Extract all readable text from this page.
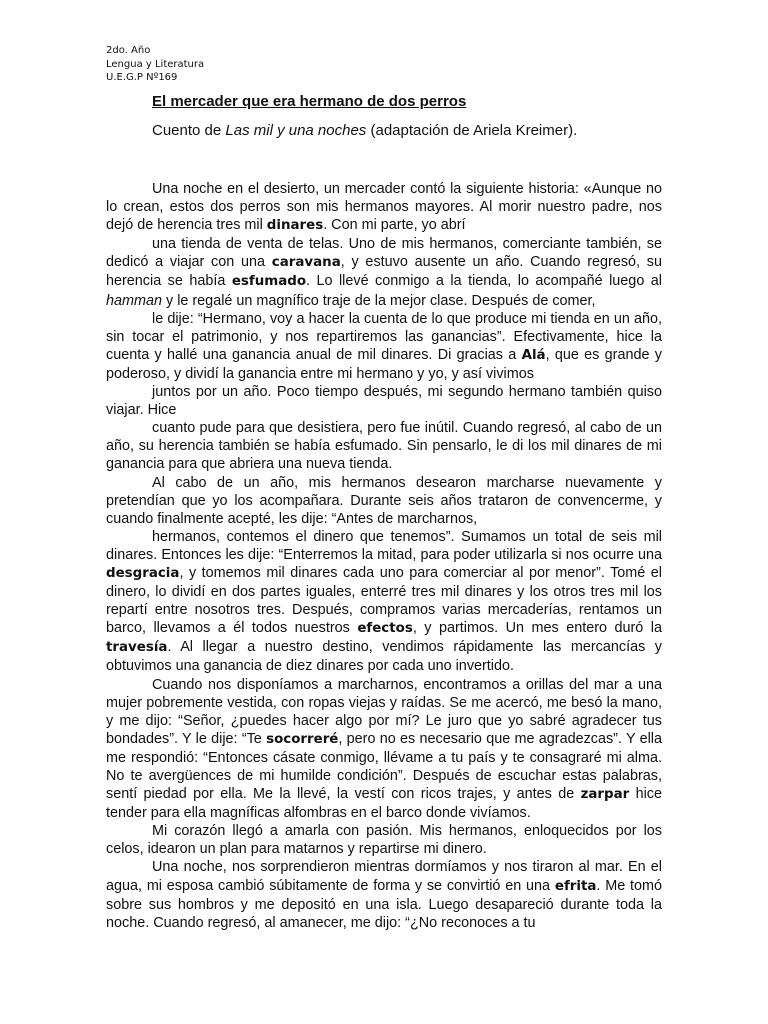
2do. Año
Lengua y Literatura
U.E.G.P Nº169
El mercader que era hermano de dos perros
Cuento de Las mil y una noches (adaptación de Ariela Kreimer).

Una noche en el desierto, un mercader contó la siguiente historia: «Aunque no lo crean, estos dos perros son mis hermanos mayores. Al morir nuestro padre, nos dejó de herencia tres mil dinares. Con mi parte, yo abrí

una tienda de venta de telas. Uno de mis hermanos, comerciante también, se dedicó a viajar con una caravana, y estuvo ausente un año. Cuando regresó, su herencia se había esfumado. Lo llevé conmigo a la tienda, lo acompañé luego al hamman y le regalé un magnífico traje de la mejor clase. Después de comer,

le dije: “Hermano, voy a hacer la cuenta de lo que produce mi tienda en un año, sin tocar el patrimonio, y nos repartiremos las ganancias”. Efectivamente, hice la cuenta y hallé una ganancia anual de mil dinares. Di gracias a Alá, que es grande y poderoso, y dividí la ganancia entre mi hermano y yo, y así vivimos

juntos por un año. Poco tiempo después, mi segundo hermano también quiso viajar. Hice

cuanto pude para que desistiera, pero fue inútil. Cuando regresó, al cabo de un año, su herencia también se había esfumado. Sin pensarlo, le di los mil dinares de mi ganancia para que abriera una nueva tienda.

Al cabo de un año, mis hermanos desearon marcharse nuevamente y pretendían que yo los acompañara. Durante seis años trataron de convencerme, y cuando finalmente acepté, les dije: “Antes de marcharnos,

hermanos, contemos el dinero que tenemos”. Sumamos un total de seis mil dinares. Entonces les dije: “Enterremos la mitad, para poder utilizarla si nos ocurre una desgracia, y tomemos mil dinares cada uno para comerciar al por menor”. Tomé el dinero, lo dividí en dos partes iguales, enterré tres mil dinares y los otros tres mil los repartí entre nosotros tres. Después, compramos varias mercaderías, rentamos un barco, llevamos a él todos nuestros efectos, y partimos. Un mes entero duró la travesía. Al llegar a nuestro destino, vendimos rápidamente las mercancías y obtuvimos una ganancia de diez dinares por cada uno invertido.

Cuando nos disponíamos a marcharnos, encontramos a orillas del mar a una mujer pobremente vestida, con ropas viejas y raídas. Se me acercó, me besó la mano, y me dijo: “Señor, ¿puedes hacer algo por mí? Le juro que yo sabré agradecer tus bondades”. Y le dije: “Te socorreré, pero no es necesario que me agradezcas”. Y ella me respondió: “Entonces cásate conmigo, llévame a tu país y te consagraré mi alma. No te avergüences de mi humilde condición”. Después de escuchar estas palabras, sentí piedad por ella. Me la llevé, la vestí con ricos trajes, y antes de zarpar hice tender para ella magníficas alfombras en el barco donde vivíamos.

Mi corazón llegó a amarla con pasión. Mis hermanos, enloquecidos por los celos, idearon un plan para matarnos y repartirse mi dinero.

Una noche, nos sorprendieron mientras dormíamos y nos tiraron al mar. En el agua, mi esposa cambió súbitamente de forma y se convirtió en una efrita. Me tomó sobre sus hombros y me depositó en una isla. Luego desapareció durante toda la noche. Cuando regresó, al amanecer, me dijo: “¿No reconoces a tu
